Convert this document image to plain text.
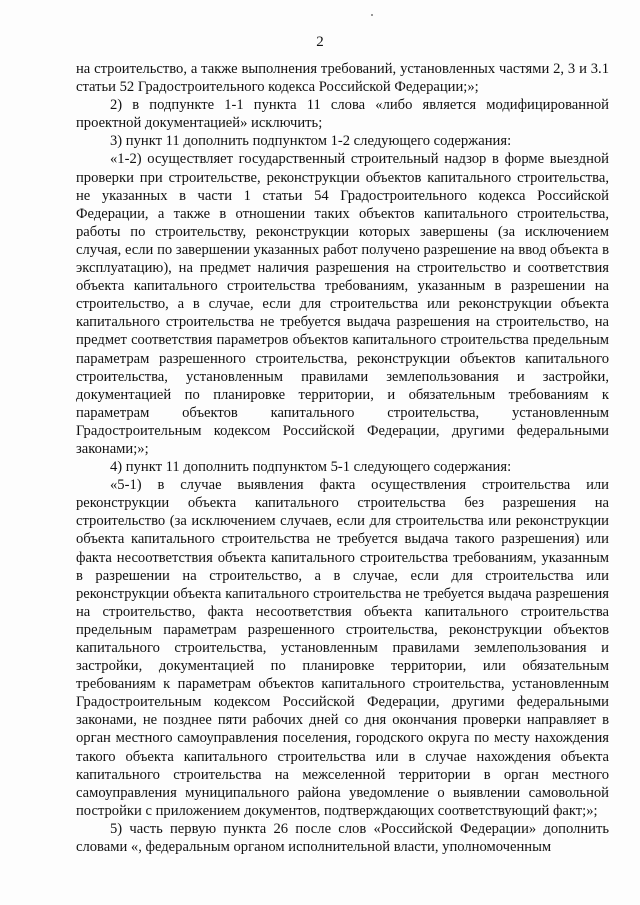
2

на строительство, а также выполнения требований, установленных частями 2, 3 и 3.1 статьи 52 Градостроительного кодекса Российской Федерации;»;

2) в подпункте 1-1 пункта 11 слова «либо является модифицированной проектной документацией» исключить;

3) пункт 11 дополнить подпунктом 1-2 следующего содержания:

«1-2) осуществляет государственный строительный надзор в форме выездной проверки при строительстве, реконструкции объектов капитального строительства, не указанных в части 1 статьи 54 Градостроительного кодекса Российской Федерации, а также в отношении таких объектов капитального строительства, работы по строительству, реконструкции которых завершены (за исключением случая, если по завершении указанных работ получено разрешение на ввод объекта в эксплуатацию), на предмет наличия разрешения на строительство и соответствия объекта капитального строительства требованиям, указанным в разрешении на строительство, а в случае, если для строительства или реконструкции объекта капитального строительства не требуется выдача разрешения на строительство, на предмет соответствия параметров объектов капитального строительства предельным параметрам разрешенного строительства, реконструкции объектов капитального строительства, установленным правилами землепользования и застройки, документацией по планировке территории, и обязательным требованиям к параметрам объектов капитального строительства, установленным Градостроительным кодексом Российской Федерации, другими федеральными законами;»;

4) пункт 11 дополнить подпунктом 5-1 следующего содержания:

«5-1) в случае выявления факта осуществления строительства или реконструкции объекта капитального строительства без разрешения на строительство (за исключением случаев, если для строительства или реконструкции объекта капитального строительства не требуется выдача такого разрешения) или факта несоответствия объекта капитального строительства требованиям, указанным в разрешении на строительство, а в случае, если для строительства или реконструкции объекта капитального строительства не требуется выдача разрешения на строительство, факта несоответствия объекта капитального строительства предельным параметрам разрешенного строительства, реконструкции объектов капитального строительства, установленным правилами землепользования и застройки, документацией по планировке территории, или обязательным требованиям к параметрам объектов капитального строительства, установленным Градостроительным кодексом Российской Федерации, другими федеральными законами, не позднее пяти рабочих дней со дня окончания проверки направляет в орган местного самоуправления поселения, городского округа по месту нахождения такого объекта капитального строительства или в случае нахождения объекта капитального строительства на межселенной территории в орган местного самоуправления муниципального района уведомление о выявлении самовольной постройки с приложением документов, подтверждающих соответствующий факт;»;

5) часть первую пункта 26 после слов «Российской Федерации» дополнить словами «, федеральным органом исполнительной власти, уполномоченным
